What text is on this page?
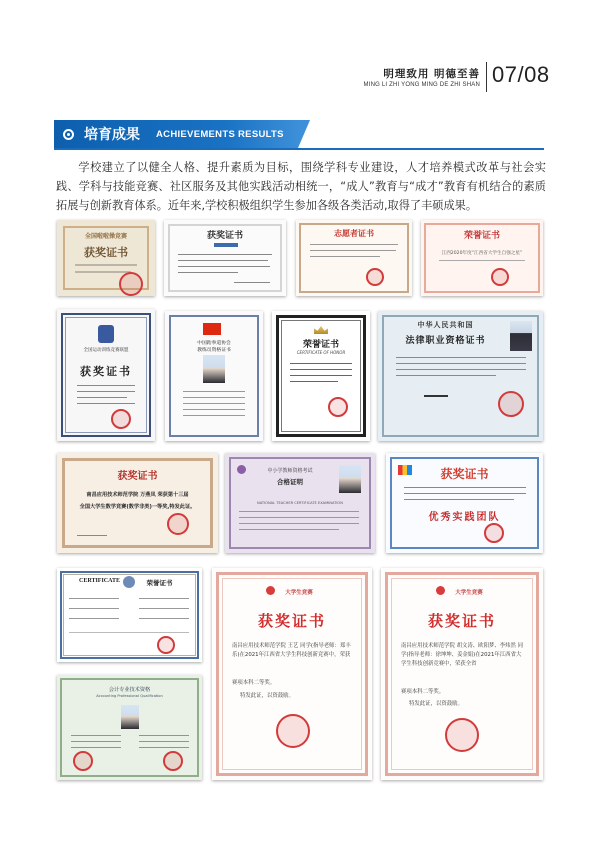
明理致用 明德至善
MING LI ZHI YONG MING DE ZHI SHAN 07/08
培育成果 ACHIEVEMENTS RESULTS

学校建立了以健全人格、提升素质为目标，围绕学科专业建设，人才培养模式改革与社会实践、学科与技能竞赛、社区服务及其他实践活动相统一，“成人”教育与“成才”教育有机结合的素质拓展与创新教育体系。近年来,学校积极组织学生参加各级各类活动,取得了丰硕成果。

全国啦啦操竞赛
获奖证书
获奖证书	志愿者证书	荣誉证书
江西2020年度“江西省大学生自强之星”
全国运动训练竞赛联盟
获奖证书
中国跆拳道协会
教练员资格证书
荣誉证书
CERTIFICATE OF HONOR
中华人民共和国
法律职业资格证书
获奖证书
南昌应用技术师范学院 万燕凤 荣获第十三届
全国大学生数学竞赛(数学非类)一等奖,特发此证。
中小学教师资格考试
合格证明
NATIONAL TEACHER CERTIFICATE EXAMINATION
获奖证书
优秀实践团队
CERTIFICATE	荣誉证书
会计专业技术资格
Accounting Professional Qualification
大学生竞赛
获奖证书
南昌应用技术师范学院 王艺 同学(指导老师：郑丰乐)在2021年江西省大学生科技创新竞赛中，荣获
赛项本科二等奖。
特发此证，以资鼓励。
大学生竞赛
获奖证书
南昌应用技术师范学院 胡文涛、欧阳梦、李炜然 同学(指导老师：徐坤坤、姜金娟)在2021年江西省大学生科技创新竞赛中，荣获全省
赛项本科二等奖。
特发此证，以资鼓励。
